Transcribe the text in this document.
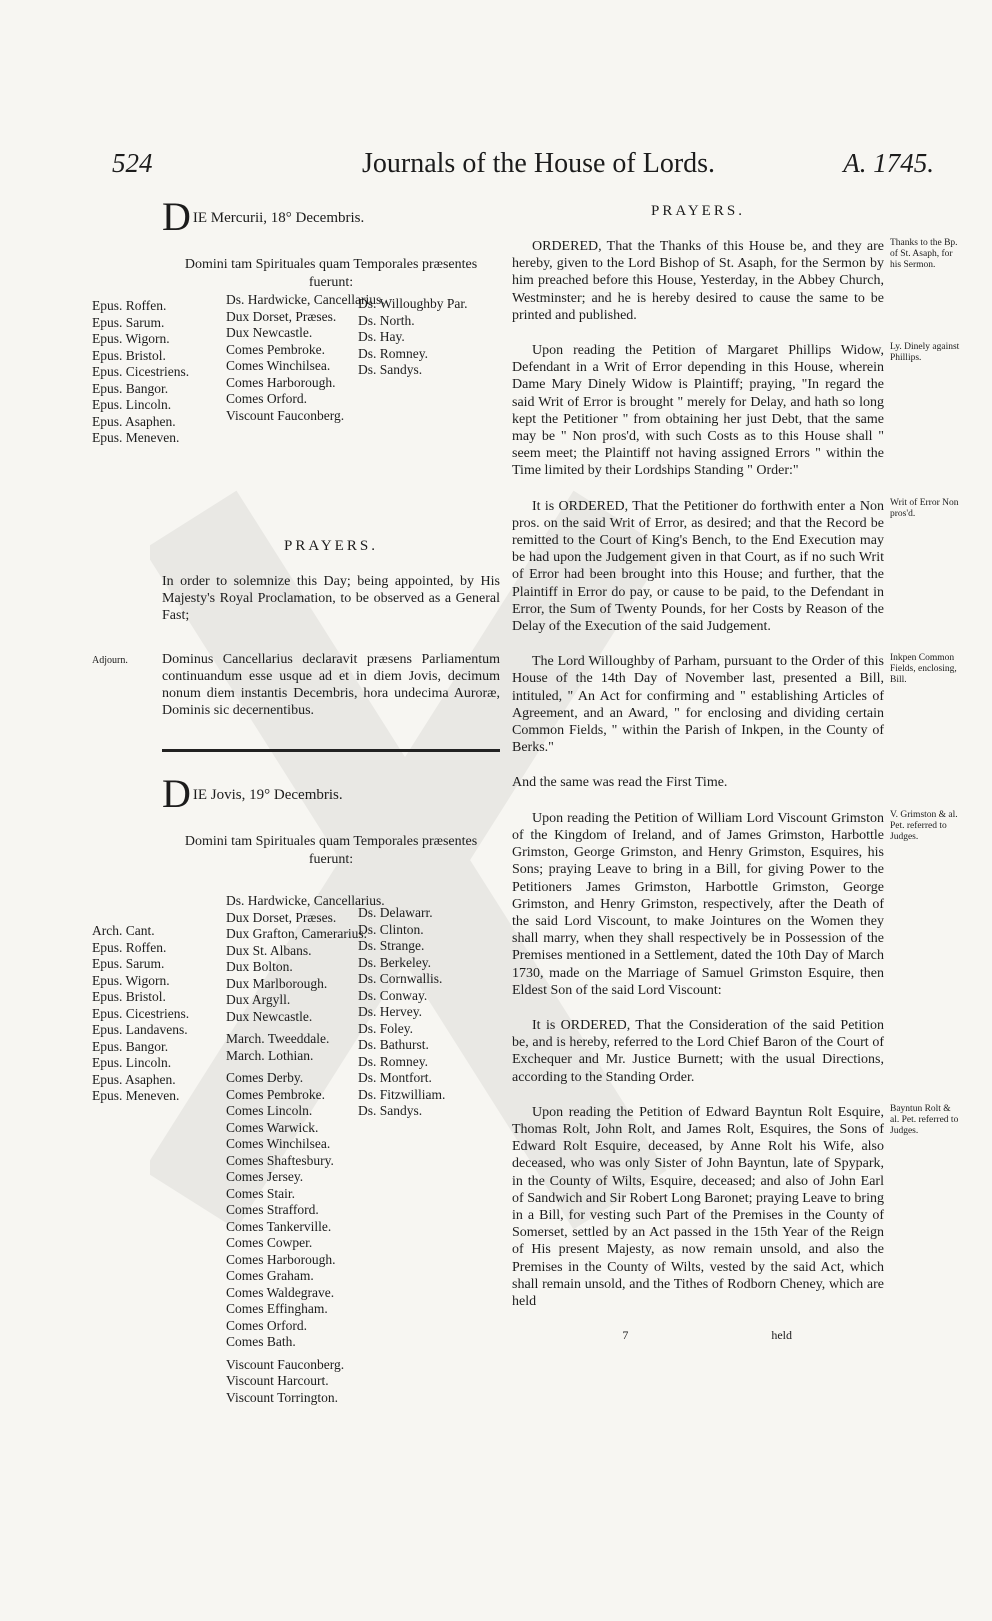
524	Journals of the House of Lords.	A. 1745.
DIE Mercurii, 18° Decembris.
Domini tam Spirituales quam Temporales præsentes fuerunt:
Epus. Roffen.
Epus. Sarum.
Epus. Wigorn.
Epus. Bristol.
Epus. Cicestriens.
Epus. Bangor.
Epus. Lincoln.
Epus. Asaphen.
Epus. Meneven.
Ds. Hardwicke, Cancellarius.
Dux Dorset, Præses.
Dux Newcastle.
Comes Pembroke.
Comes Winchilsea.
Comes Harborough.
Comes Orford.
Viscount Fauconberg.
Ds. Willoughby Par.
Ds. North.
Ds. Hay.
Ds. Romney.
Ds. Sandys.
PRAYERS.
In order to solemnize this Day; being appointed, by His Majesty's Royal Proclamation, to be observed as a General Fast;
Adjourn. Dominus Cancellarius declaravit præsens Parliamentum continuandum esse usque ad et in diem Jovis, decimum nonum diem instantis Decembris, hora undecima Auroræ, Dominis sic decernentibus.
DIE Jovis, 19° Decembris.
Domini tam Spirituales quam Temporales præsentes fuerunt:
Arch. Cant.
Epus. Roffen.
Epus. Sarum.
Epus. Wigorn.
Epus. Bristol.
Epus. Cicestriens.
Epus. Landavens.
Epus. Bangor.
Epus. Lincoln.
Epus. Asaphen.
Epus. Meneven.
Ds. Hardwicke, Cancellarius.
Dux Dorset, Præses.
Dux Grafton, Camerarius.
Dux St. Albans.
Dux Bolton.
Dux Marlborough.
Dux Argyll.
Dux Newcastle.
March. Tweeddale.
March. Lothian.
Comes Derby.
Comes Pembroke.
Comes Lincoln.
Comes Warwick.
Comes Winchilsea.
Comes Shaftesbury.
Comes Jersey.
Comes Stair.
Comes Strafford.
Comes Tankerville.
Comes Cowper.
Comes Harborough.
Comes Graham.
Comes Waldegrave.
Comes Effingham.
Comes Orford.
Comes Bath.
Viscount Fauconberg.
Viscount Harcourt.
Viscount Torrington.
Ds. Delawarr.
Ds. Clinton.
Ds. Strange.
Ds. Berkeley.
Ds. Cornwallis.
Ds. Conway.
Ds. Hervey.
Ds. Foley.
Ds. Bathurst.
Ds. Romney.
Ds. Montfort.
Ds. Fitzwilliam.
Ds. Sandys.
PRAYERS.
ORDERED, That the Thanks of this House be, and they are hereby, given to the Lord Bishop of St. Asaph, for the Sermon by him preached before this House, Yesterday, in the Abbey Church, Westminster; and he is hereby desired to cause the same to be printed and published.
Thanks to the Bp. of St. Asaph, for his Sermon.
Upon reading the Petition of Margaret Phillips Widow, Defendant in a Writ of Error depending in this House, wherein Dame Mary Dinely Widow is Plaintiff; praying, "In regard the said Writ of Error is brought " merely for Delay, and hath so long kept the Petitioner " from obtaining her just Debt, that the same may be " Non pros'd, with such Costs as to this House shall " seem meet; the Plaintiff not having assigned Errors " within the Time limited by their Lordships Standing " Order:"
Ly. Dinely against Phillips.
It is ORDERED, That the Petitioner do forthwith enter a Non pros. on the said Writ of Error, as desired; and that the Record be remitted to the Court of King's Bench, to the End Execution may be had upon the Judgement given in that Court, as if no such Writ of Error had been brought into this House; and further, that the Plaintiff in Error do pay, or cause to be paid, to the Defendant in Error, the Sum of Twenty Pounds, for her Costs by Reason of the Delay of the Execution of the said Judgement.
Writ of Error Non pros'd.
The Lord Willoughby of Parham, pursuant to the Order of this House of the 14th Day of November last, presented a Bill, intituled, " An Act for confirming and " establishing Articles of Agreement, and an Award, " for enclosing and dividing certain Common Fields, " within the Parish of Inkpen, in the County of Berks."
Inkpen Common Fields, enclosing, Bill.
And the same was read the First Time.
Upon reading the Petition of William Lord Viscount Grimston of the Kingdom of Ireland, and of James Grimston, Harbottle Grimston, George Grimston, and Henry Grimston, Esquires, his Sons; praying Leave to bring in a Bill, for giving Power to the Petitioners James Grimston, Harbottle Grimston, George Grimston, and Henry Grimston, respectively, after the Death of the said Lord Viscount, to make Jointures on the Women they shall marry, when they shall respectively be in Possession of the Premises mentioned in a Settlement, dated the 10th Day of March 1730, made on the Marriage of Samuel Grimston Esquire, then Eldest Son of the said Lord Viscount:
V. Grimston & al. Pet. referred to Judges.
It is ORDERED, That the Consideration of the said Petition be, and is hereby, referred to the Lord Chief Baron of the Court of Exchequer and Mr. Justice Burnett; with the usual Directions, according to the Standing Order.
Upon reading the Petition of Edward Bayntun Rolt Esquire, Thomas Rolt, John Rolt, and James Rolt, Esquires, the Sons of Edward Rolt Esquire, deceased, by Anne Rolt his Wife, also deceased, who was only Sister of John Bayntun, late of Spypark, in the County of Wilts, Esquire, deceased; and also of John Earl of Sandwich and Sir Robert Long Baronet; praying Leave to bring in a Bill, for vesting such Part of the Premises in the County of Somerset, settled by an Act passed in the 15th Year of the Reign of His present Majesty, as now remain unsold, and also the Premises in the County of Wilts, vested by the said Act, which shall remain unsold, and the Tithes of Rodborn Cheney, which are held
Bayntun Rolt & al. Pet. referred to Judges.
7	held
